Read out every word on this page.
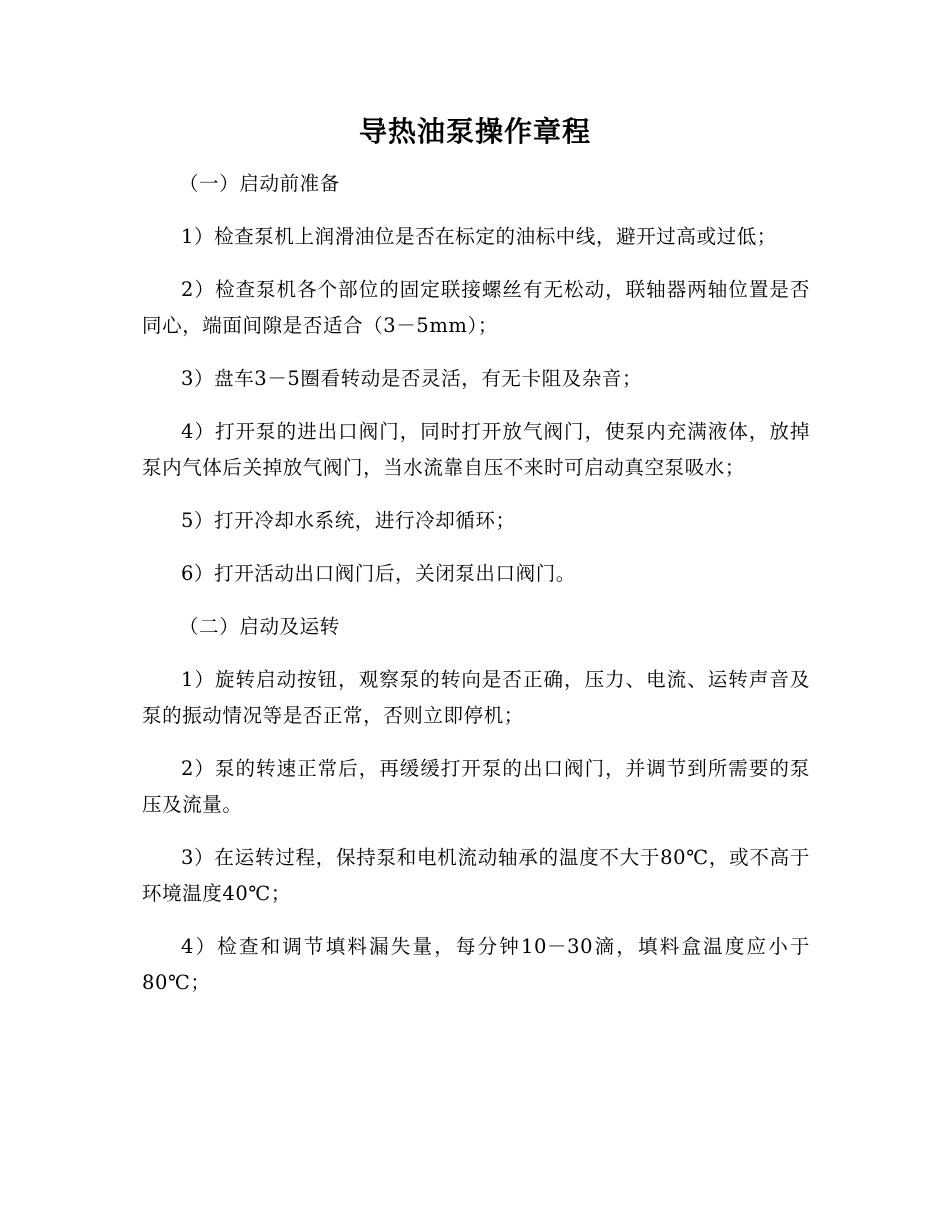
导热油泵操作章程

（一）启动前准备

1）检查泵机上润滑油位是否在标定的油标中线，避开过高或过低；

2）检查泵机各个部位的固定联接螺丝有无松动，联轴器两轴位置是否同心，端面间隙是否适合（3－5mm）；

3）盘车3－5圈看转动是否灵活，有无卡阻及杂音；

4）打开泵的进出口阀门，同时打开放气阀门，使泵内充满液体，放掉泵内气体后关掉放气阀门，当水流靠自压不来时可启动真空泵吸水；

5）打开冷却水系统，进行冷却循环；

6）打开活动出口阀门后，关闭泵出口阀门。

（二）启动及运转

1）旋转启动按钮，观察泵的转向是否正确，压力、电流、运转声音及泵的振动情况等是否正常，否则立即停机；

2）泵的转速正常后，再缓缓打开泵的出口阀门，并调节到所需要的泵压及流量。

3）在运转过程，保持泵和电机流动轴承的温度不大于80℃，或不高于环境温度40℃；

4）检查和调节填料漏失量，每分钟10－30滴，填料盒温度应小于80℃；
